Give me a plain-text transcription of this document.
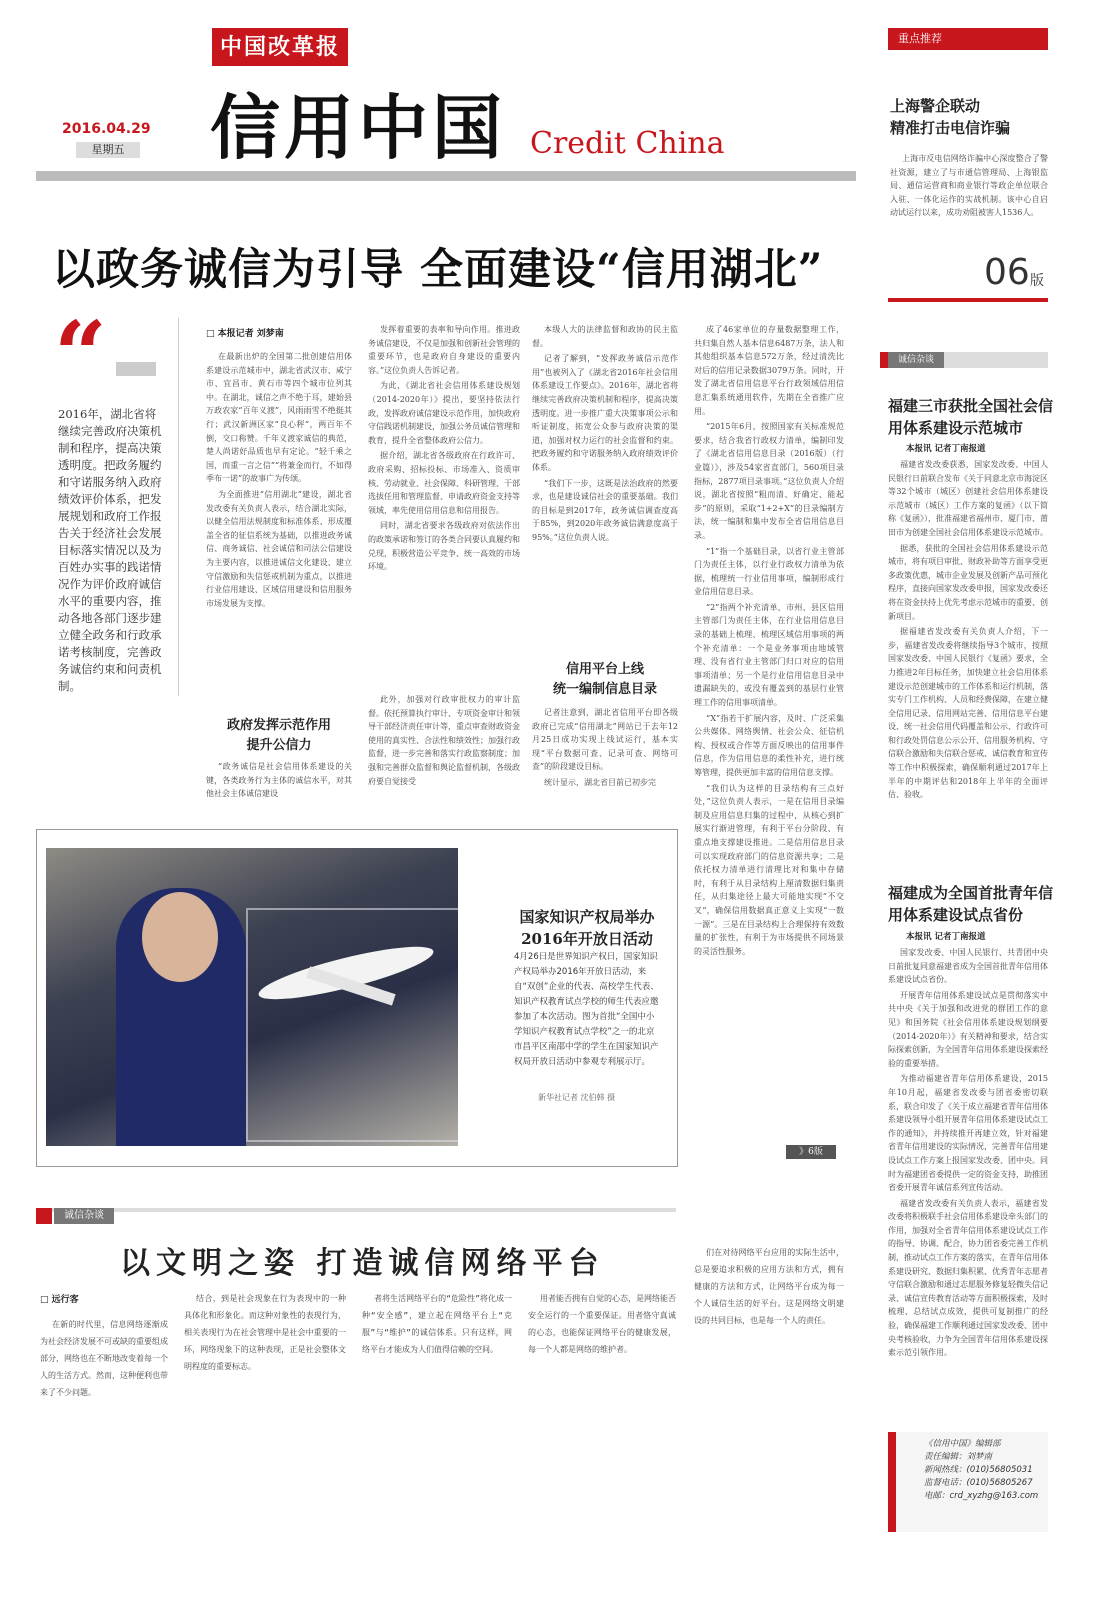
中国改革报
2016.04.29
星期五 信用中国 Credit China
以政务诚信为引导 全面建设“信用湖北”
“
2016年，湖北省将继续完善政府决策机制和程序，提高决策透明度。把政务履约和守诺服务纳入政府绩效评价体系，把发展规划和政府工作报告关于经济社会发展目标落实情况以及为百姓办实事的践诺情况作为评价政府诚信水平的重要内容，推动各地各部门逐步建立健全政务和行政承诺考核制度，完善政务诚信约束和问责机制。
□ 本报记者 刘梦南

在最新出炉的全国第二批创建信用体系建设示范城市中，湖北省武汉市、咸宁市、宜昌市、黄石市等四个城市位列其中。在湖北，诚信之声不绝于耳，建始县万政农家“百年义渡”，风雨雨雪不绝挺其行；武汉新洲区家“良心秤”，两百年不倒，交口称赞。千年义渡家诚信的典范，楚人尚诺好品质也早有定论。“轻千乘之国，而重一言之信”“将兼金而行，不如得季布一诺”的故事广为传颂。

为全面推进“信用湖北”建设，湖北省发改委有关负责人表示，结合湖北实际，以健全信用法规制度和标准体系、形成覆盖全省的征信系统为基础，以推进政务诚信、商务诚信、社会诚信和司法公信建设为主要内容，以推进诚信文化建设、建立守信激励和失信惩戒机制为重点，以推进行业信用建设、区域信用建设和信用服务市场发展为支撑。

政府发挥示范作用
提升公信力

“政务诚信是社会信用体系建设的关键，各类政务行为主体的诚信水平，对其他社会主体诚信建设

发挥着重要的表率和导向作用。推进政务诚信建设，不仅是加强和创新社会管理的重要环节，也是政府自身建设的重要内容。”这位负责人告诉记者。

为此，《湖北省社会信用体系建设规划（2014-2020年）》提出，要坚持依法行政，发挥政府诚信建设示范作用，加快政府守信践诺机制建设，加强公务员诚信管理和教育，提升全省整体政府公信力。

据介绍，湖北省各级政府在行政许可、政府采购、招标投标、市场准入、资质审核、劳动就业、社会保障、科研管理、干部选拔任用和管理监督、申请政府资金支持等领域，率先使用信用信息和信用报告。

同时，湖北省要求各级政府对依法作出的政策承诺和签订的各类合同要认真履约和兑现，积极营造公平竞争、统一高效的市场环境。

此外，加强对行政审批权力的审计监督。依托预算执行审计、专项资金审计和领导干部经济责任审计等，重点审查财政资金使用的真实性、合法性和绩效性；加强行政监督，进一步完善和落实行政监察制度；加强和完善群众监督和舆论监督机制，各级政府要自觉接受

本级人大的法律监督和政协的民主监督。

记者了解到，“发挥政务诚信示范作用”也被列入了《湖北省2016年社会信用体系建设工作要点》。2016年，湖北省将继续完善政府决策机制和程序，提高决策透明度。进一步推广重大决策事项公示和听证制度，拓宽公众参与政府决策的渠道，加强对权力运行的社会监督和约束。把政务履约和守诺服务纳入政府绩效评价体系。

“我们下一步，这既是法治政府的然要求，也是建设诚信社会的重要基础。我们的目标是到2017年，政务诚信调查度高于85%，到2020年政务诚信满意度高于95%。”这位负责人说。

信用平台上线
统一编制信息目录

记者注意到，湖北省信用平台即各级政府已完成“信用湖北”网站已于去年12月25日成功实现上线试运行，基本实现“平台数据可查、记录可查、网络可查”的阶段建设目标。

统计显示，湖北省目前已初步完

成了46家单位的存量数据整理工作，共归集自然人基本信息6487万条，法人和其他组织基本信息572万条，经过清洗比对后的信用记录数据3079万条。同时，开发了湖北省信用信息平台行政领域信用信息汇集系统通用软件，先期在全省推广应用。

“2015年6月，按照国家有关标准规范要求，结合我省行政权力清单，编制印发了《湖北省信用信息目录（2016版）（行业篇）》，涉及54家省直部门，560项目录指标，2877项目录事项。”这位负责人介绍说，湖北省按照“粗而清、好确定、能起步”的原则，采取“1+2+X”的目录编制方法，统一编制和集中发布全省信用信息目录。

“1”指一个基础目录，以省行业主管部门为责任主体，以行业行政权力清单为依据，梳理统一行业信用事项，编制形成行业信用信息目录。

“2”指两个补充清单，市州、县区信用主管部门为责任主体，在行业信用信息目录的基础上梳理、梳理区域信用事项的两个补充清单：一个是业务事项由地域管理、没有省行业主管部门归口对应的信用事项清单；另一个是行业信用信息目录中遗漏缺失的、或没有覆盖到的基层行业管理工作的信用事项清单。

“X”指若干扩展内容，及时、广泛采集公共媒体、网络舆情、社会公众、征信机构、授权或合作等方面反映出的信用事件信息，作为信用信息的柔性补充，进行统筹管理，提供更加丰富的信用信息支撑。

“我们认为这样的目录结构有三点好处，”这位负责人表示，一是在信用目录编制及应用信息归集的过程中，从核心到扩展实行渐进管理，有利于平台分阶段、有重点地支撑建设推进。二是信用信息目录可以实现政府部门的信息资源共享；二是依托权力清单进行清理比对和集中存储时，有利于从目录结构上厘清数据归集责任，从归集途径上最大可能地实现“不交叉”，确保信用数据真正意义上实现“一数一源”。三是在目录结构上合理保持有效数量的扩张性，有利于为市场提供不同场景的灵活性服务。

国家知识产权局举办
2016年开放日活动
4月26日是世界知识产权日，国家知识产权局举办2016年开放日活动，来自“双创”企业的代表、高校学生代表、知识产权教育试点学校的师生代表应邀参加了本次活动。图为首批“全国中小学知识产权教育试点学校”之一的北京市昌平区南邵中学的学生在国家知识产权局开放日活动中参观专利展示厅。
新华社记者 沈伯韩 摄
》6版
诚信杂谈
以文明之姿 打造诚信网络平台
□ 远行客

在新的时代里，信息网络逐渐成为社会经济发展不可或缺的重要组成部分，网络也在不断地改变着每一个人的生活方式。然而，这种便利也带来了不少问题。

结合，到是社会现象在行为表现中的一种具体化和形象化。而这种对象性的表现行为，相关表现行为在社会管理中是社会中重要的一环，网络现象下的这种表现，正是社会整体文明程度的重要标志。

者将生活网络平台的“危险性”将化成一种“安全感”，建立起在网络平台上“克服”与“维护”的诚信体系。只有这样，网络平台才能成为人们值得信赖的空间。

用者能否拥有自觉的心态，是网络能否安全运行的一个重要保证。用者恪守真诚的心态，也能保证网络平台的健康发展，每一个人都是网络的维护者。

们在对待网络平台应用的实际生活中，总是要追求积极的应用方法和方式，拥有健康的方法和方式，让网络平台成为每一个人诚信生活的好平台。这是网络文明建设的共同目标，也是每一个人的责任。

重点推荐
上海警企联动
精准打击电信诈骗
上海市反电信网络诈骗中心深度整合了警社资源，建立了与市通信管理局、上海银监局、通信运营商和商业银行等政企单位联合入驻、一体化运作的实战机制。该中心自启动试运行以来，成功劝阻被害人1536人。
06 版
诚信杂谈
福建三市获批全国社会信用体系建设示范城市
本报讯 记者丁南报道

福建省发改委获悉，国家发改委、中国人民银行日前联合发布《关于同意北京市海淀区等32个城市（城区）创建社会信用体系建设示范城市（城区）工作方案的复函》（以下简称《复函》），批准福建省福州市、厦门市、莆田市为创建全国社会信用体系建设示范城市。

据悉，获批的全国社会信用体系建设示范城市，将有项目审批、财政补助等方面享受更多政策优惠，城市企业发展及创新产品可预化程序，直接向国家发改委申报，国家发改委还将在资金扶持上优先考虑示范城市的重要、创新项目。

据福建省发改委有关负责人介绍，下一步，福建省发改委将继续指导3个城市，按照国家发改委、中国人民银行《复函》要求，全力推进2年目标任务，加快建立社会信用体系建设示范创建城市的工作体系和运行机制，落实专门工作机构、人员和经费保障，在建立健全信用记录、信用网站完善、信用信息平台建设、统一社会信用代码覆盖和公示、行政许可和行政处罚信息公示公开、信用服务机构、守信联合激励和失信联合惩戒、诚信教育和宣传等工作中积极探索，确保顺利通过2017年上半年的中期评估和2018年上半年的全面评估、验收。

福建成为全国首批青年信用体系建设试点省份
本报讯 记者丁南报道

国家发改委、中国人民银行、共青团中央日前批复同意福建省成为全国首批青年信用体系建设试点省份。

开展青年信用体系建设试点是贯彻落实中共中央《关于加强和改进党的群团工作的意见》和国务院《社会信用体系建设规划纲要（2014-2020年）》有关精神和要求，结合实际探索创新，为全国青年信用体系建设探索经验的重要举措。

为推动福建省青年信用体系建设，2015年10月起，福建省发改委与团省委密切联系，联合印发了《关于成立福建省青年信用体系建设领导小组开展青年信用体系建设试点工作的通知》，并持续推开再建立效，针对福建省青年信用建设的实际情况，完善青年信用建设试点工作方案上报国家发改委、团中央。同时为福建团省委提供一定的资金支持，助推团省委开展青年诚信系列宣传活动。

福建省发改委有关负责人表示，福建省发改委将积极联手社会信用体系建设牵头部门的作用，加强对全省青年信用体系建设试点工作的指导、协调、配合，协力团省委完善工作机制，推动试点工作方案的落实，在青年信用体系建设研究、数据归集积累、优秀青年志愿者守信联合激励和通过志愿服务修复轻微失信记录、诚信宣传教育活动等方面积极探索，及时梳理、总结试点成效，提供可复制推广的经验，确保福建工作顺利通过国家发改委、团中央考核验收，力争为全国青年信用体系建设探索示范引领作用。

《信用中国》编辑部
责任编辑：刘梦南
新闻热线：(010)56805031
监督电话：(010)56805267
电邮：crd_xyzhg@163.com
